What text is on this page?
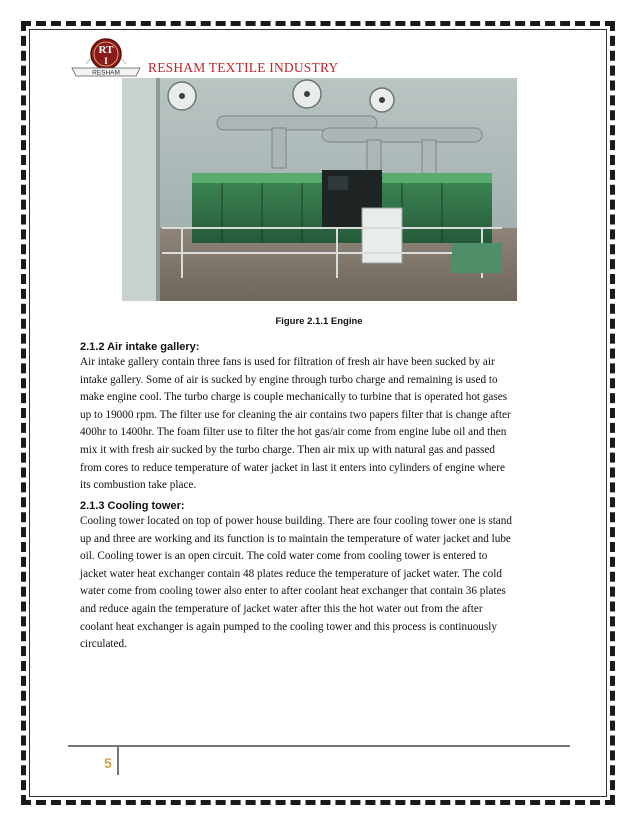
RT
I
RESHAM RESHAM TEXTILE INDUSTRY
Figure 2.1.1 Engine
2.1.2 Air intake gallery:
Air intake gallery contain three fans is used for filtration of fresh air have been sucked by air
intake gallery. Some of air is sucked by engine through turbo charge and remaining is used to
make engine cool. The turbo charge is couple mechanically to turbine that is operated hot gases
up to 19000 rpm. The filter use for cleaning the air contains two papers filter that is change after
400hr to 1400hr. The foam filter use to filter the hot gas/air come from engine lube oil and then
mix it with fresh air sucked by the turbo charge. Then air mix up with natural gas and passed
from cores to reduce temperature of water jacket in last it enters into cylinders of engine where
its combustion take place.
2.1.3 Cooling tower:
Cooling tower located on top of power house building. There are four cooling tower one is stand
up and three are working and its function is to maintain the temperature of water jacket and lube
oil. Cooling tower is an open circuit. The cold water come from cooling tower is entered to
jacket water heat exchanger contain 48 plates reduce the temperature of jacket water. The cold
water come from cooling tower also enter to after coolant heat exchanger that contain 36 plates
and reduce again the temperature of jacket water after this the hot water out from the after
coolant heat exchanger is again pumped to the cooling tower and this process is continuously
circulated.
5
